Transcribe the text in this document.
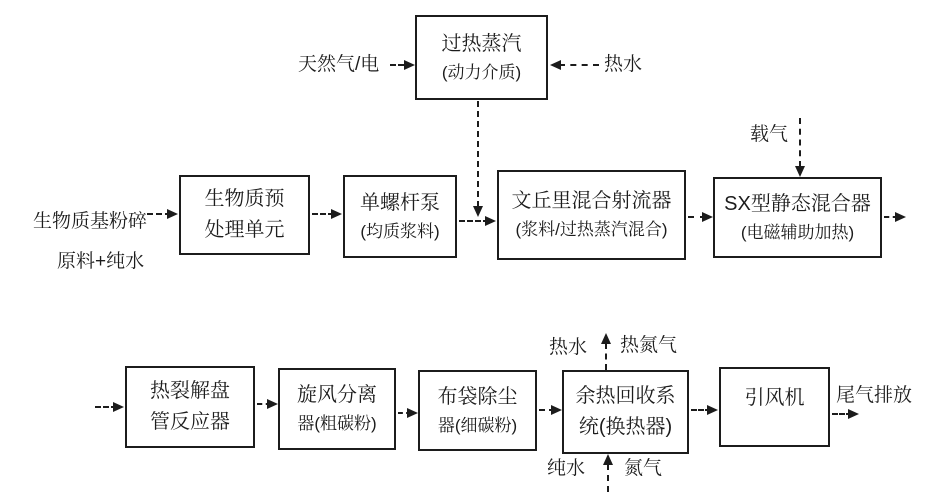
天然气/电
过热蒸汽
(动力介质)	热水
生物质基粉碎
原料+纯水
生物质预
处理单元
单螺杆泵
(均质浆料)
文丘里混合射流器
(浆料/过热蒸汽混合)
载气
SX型静态混合器
(电磁辅助加热)
热裂解盘
管反应器
旋风分离
器(粗碳粉)
布袋除尘
器(细碳粉)
热水 热氮气
余热回收系
统(换热器)
纯水 氮气
引风机 尾气排放
